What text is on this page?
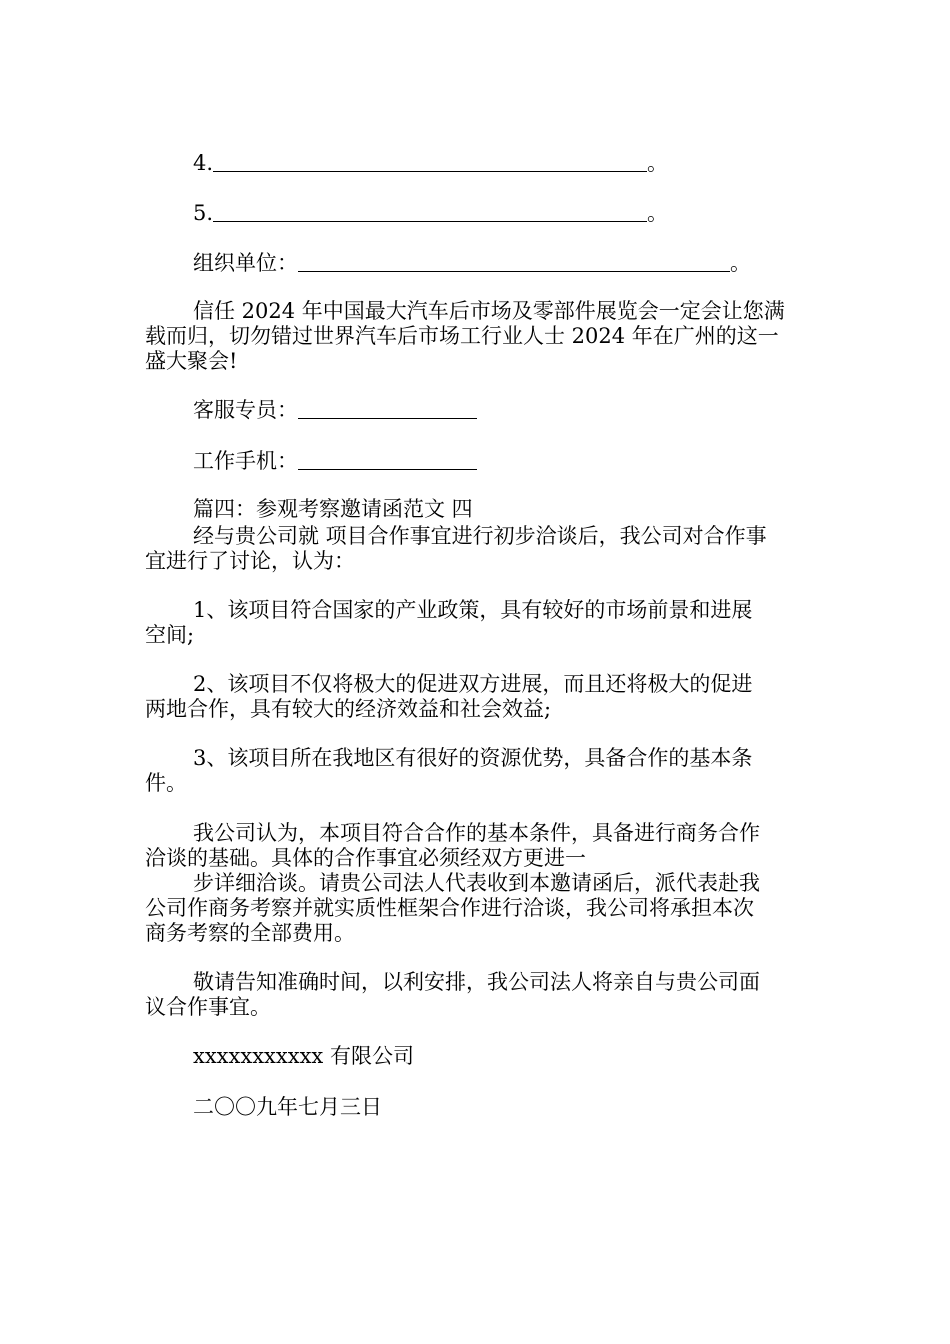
4.	。
5.	。
组织单位：	。
信任 2024 年中国最大汽车后市场及零部件展览会一定会让您满
载而归，切勿错过世界汽车后市场工行业人士 2024 年在广州的这一
盛大聚会!
客服专员：
工作手机：
篇四：参观考察邀请函范文 四
经与贵公司就 项目合作事宜进行初步洽谈后，我公司对合作事
宜进行了讨论，认为：
1、该项目符合国家的产业政策，具有较好的市场前景和进展
空间;
2、该项目不仅将极大的促进双方进展，而且还将极大的促进
两地合作，具有较大的经济效益和社会效益;
3、该项目所在我地区有很好的资源优势，具备合作的基本条
件。
我公司认为，本项目符合合作的基本条件，具备进行商务合作
洽谈的基础。具体的合作事宜必须经双方更进一
步详细洽谈。请贵公司法人代表收到本邀请函后，派代表赴我
公司作商务考察并就实质性框架合作进行洽谈，我公司将承担本次
商务考察的全部费用。
敬请告知准确时间，以利安排，我公司法人将亲自与贵公司面
议合作事宜。
xxxxxxxxxxx 有限公司
二〇〇九年七月三日
